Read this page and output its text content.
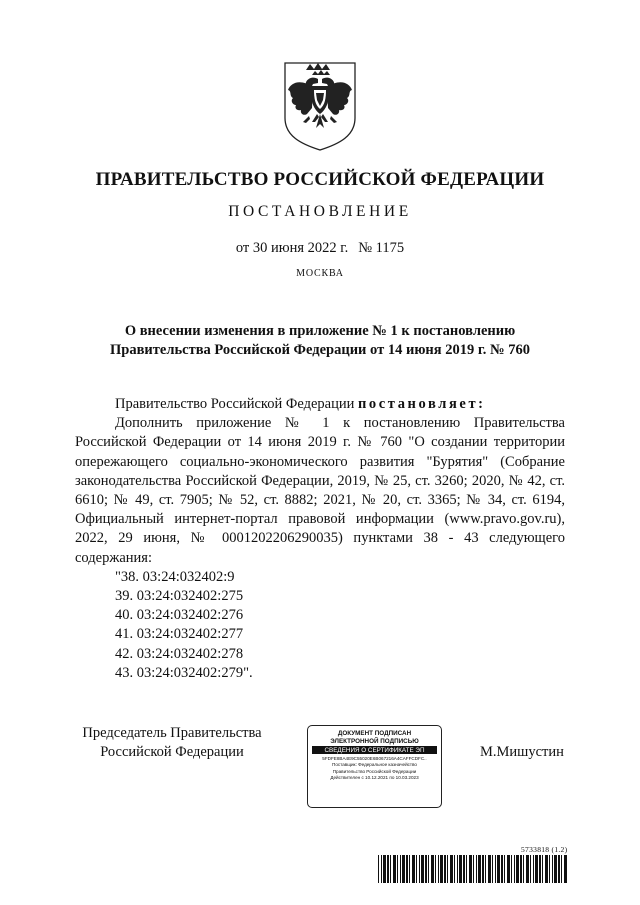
ПРАВИТЕЛЬСТВО РОССИЙСКОЙ ФЕДЕРАЦИИ
ПОСТАНОВЛЕНИЕ
от 30 июня 2022 г. № 1175
МОСКВА
О внесении изменения в приложение № 1 к постановлению
Правительства Российской Федерации от 14 июня 2019 г. № 760

Правительство Российской Федерации постановляет:

Дополнить приложение № 1 к постановлению Правительства Российской Федерации от 14 июня 2019 г. № 760 "О создании территории опережающего социально-экономического развития "Бурятия" (Собрание законодательства Российской Федерации, 2019, № 25, ст. 3260; 2020, № 42, ст. 6610; № 49, ст. 7905; № 52, ст. 8882; 2021, № 20, ст. 3365; № 34, ст. 6194, Официальный интернет-портал правовой информации (www.pravo.gov.ru), 2022, 29 июня, № 0001202206290035) пунктами 38 - 43 следующего содержания:

"38. 03:24:032402:9
39. 03:24:032402:275
40. 03:24:032402:276
41. 03:24:032402:277
42. 03:24:032402:278
43. 03:24:032402:279".
Председатель Правительства
Российской Федерации
ДОКУМЕНТ ПОДПИСАН
ЭЛЕКТРОННОЙ ПОДПИСЬЮ
СВЕДЕНИЯ О СЕРТИФИКАТЕ ЭП
5FDFE8BA4E9C55020E6B067216A4CAFFCDFC..
Поставщик: Федеральное казначейство
Правительство Российской Федерации
Действителен с 10.12.2021 по 10.03.2023
М.Мишустин
5733818 (1.2)
